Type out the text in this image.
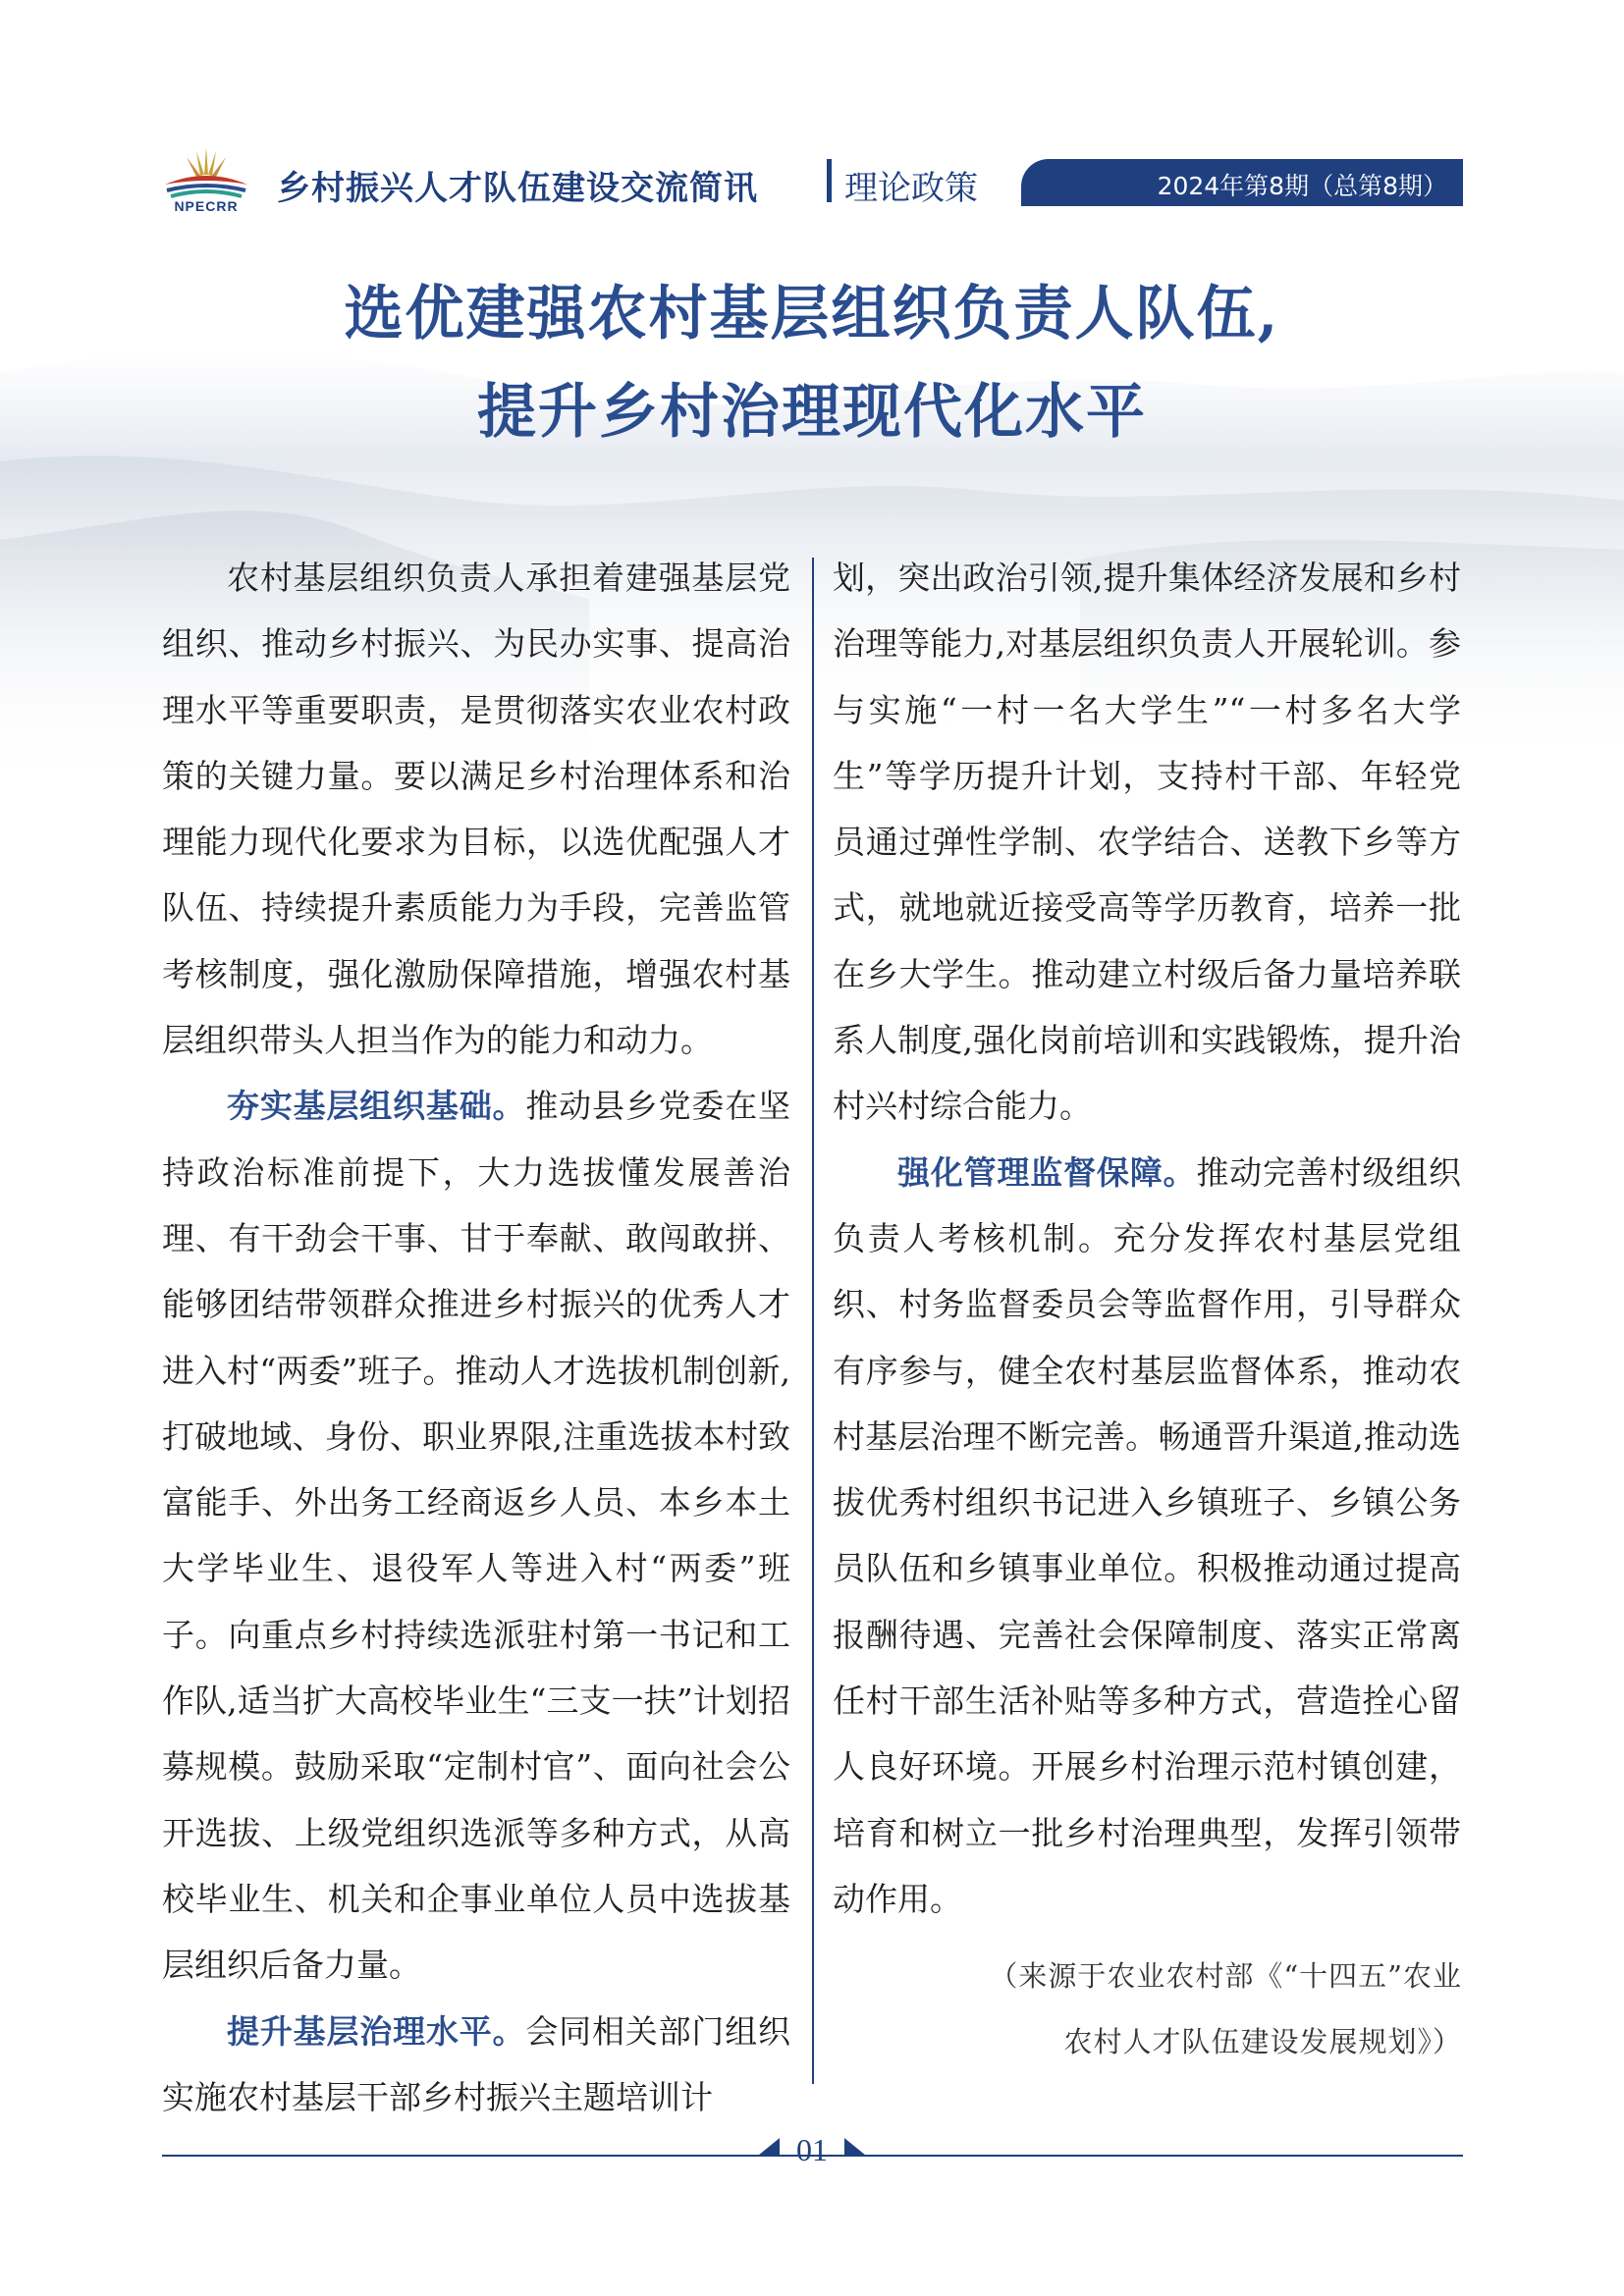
NPECRR	乡村振兴人才队伍建设交流简讯	理论政策	2024年第8期（总第8期）
选优建强农村基层组织负责人队伍,
提升乡村治理现代化水平

农村基层组织负责人承担着建强基层党组织、推动乡村振兴、为民办实事、提高治理水平等重要职责，是贯彻落实农业农村政策的关键力量。要以满足乡村治理体系和治理能力现代化要求为目标，以选优配强人才队伍、持续提升素质能力为手段，完善监管考核制度，强化激励保障措施，增强农村基层组织带头人担当作为的能力和动力。

夯实基层组织基础。推动县乡党委在坚持政治标准前提下，大力选拔懂发展善治理、有干劲会干事、甘于奉献、敢闯敢拼、能够团结带领群众推进乡村振兴的优秀人才进入村“两委”班子。推动人才选拔机制创新,打破地域、身份、职业界限,注重选拔本村致富能手、外出务工经商返乡人员、本乡本土大学毕业生、退役军人等进入村“两委”班子。向重点乡村持续选派驻村第一书记和工作队,适当扩大高校毕业生“三支一扶”计划招募规模。鼓励采取“定制村官”、面向社会公开选拔、上级党组织选派等多种方式，从高校毕业生、机关和企事业单位人员中选拔基层组织后备力量。

提升基层治理水平。会同相关部门组织实施农村基层干部乡村振兴主题培训计

划，突出政治引领,提升集体经济发展和乡村治理等能力,对基层组织负责人开展轮训。参与实施“一村一名大学生”“一村多名大学生”等学历提升计划，支持村干部、年轻党员通过弹性学制、农学结合、送教下乡等方式，就地就近接受高等学历教育，培养一批在乡大学生。推动建立村级后备力量培养联系人制度,强化岗前培训和实践锻炼，提升治村兴村综合能力。

强化管理监督保障。推动完善村级组织负责人考核机制。充分发挥农村基层党组织、村务监督委员会等监督作用，引导群众有序参与，健全农村基层监督体系，推动农村基层治理不断完善。畅通晋升渠道,推动选拔优秀村组织书记进入乡镇班子、乡镇公务员队伍和乡镇事业单位。积极推动通过提高报酬待遇、完善社会保障制度、落实正常离任村干部生活补贴等多种方式，营造拴心留人良好环境。开展乡村治理示范村镇创建，培育和树立一批乡村治理典型，发挥引领带动作用。

（来源于农业农村部《“十四五”农业
农村人才队伍建设发展规划》）
01
